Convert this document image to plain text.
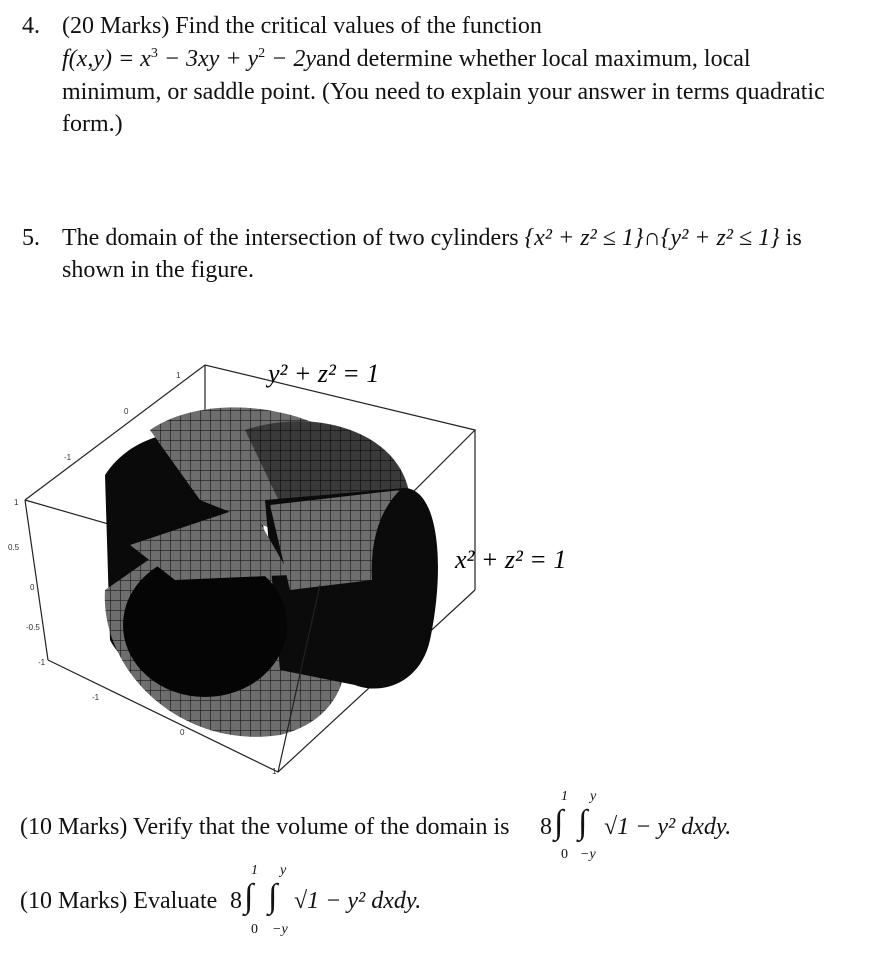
4. (20 Marks) Find the critical values of the function
$f(x,y) = x^3 - 3xy + y^2$ − 2yand determine whether local maximum, local
minimum, or saddle point. (You need to explain your answer in terms quadratic
form.)
5. The domain of the intersection of two cylinders {x² + z² ≤ 1}∩{y² + z² ≤ 1} is
shown in the figure.
y² + z² = 1
x² + z² = 1
1
0.5
0
-0.5
-1
-1
0
1
1
0
-1
(10 Marks) Verify that the volume of the domain is 8 ∫ ∫
1
0
y
−y
√1 − y² dxdy.
(10 Marks) Evaluate 8 ∫ ∫
1
0
y
−y
√1 − y² dxdy.
